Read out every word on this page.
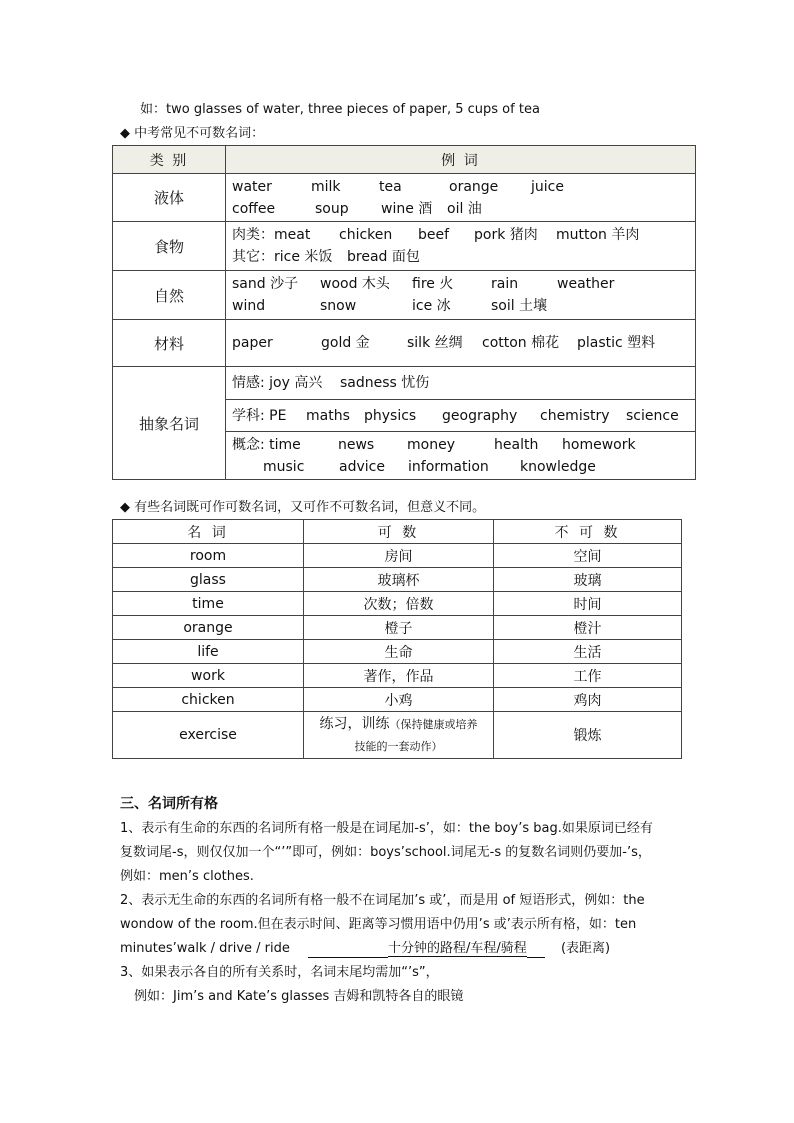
如：two glasses of water, three pieces of paper, 5 cups of tea
◆ 中考常见不可数名词：
类 别	例 词
液体	water milk tea orange juice
coffee soup wine 酒 oil 油

食物	肉类：meat chicken beef pork 猪肉 mutton 羊肉
其它：rice 米饭 bread 面包

自然	sand 沙子 wood 木头 fire 火 rain weather
wind snow ice 冰 soil 土壤

材料	paper gold 金 silk 丝绸 cotton 棉花 plastic 塑料

抽象名词	情感: joy 高兴 sadness 忧伤

	学科: PE maths physics geography chemistry science

	概念: time news money health homework
music advice information knowledge
◆ 有些名词既可作可数名词，又可作不可数名词，但意义不同。
名 词	可 数	不 可 数
room	房间	空间
glass	玻璃杯	玻璃
time	次数；倍数	时间
orange	橙子	橙汁
life	生命	生活
work	著作，作品	工作
chicken	小鸡	鸡肉
exercise	练习，训练（保持健康或培养
技能的一套动作）	锻炼
三、名词所有格
1、表示有生命的东西的名词所有格一般是在词尾加-s’，如：the boy’s bag.如果原词已经有
复数词尾-s，则仅仅加一个“’”即可，例如：boys’school.词尾无-s 的复数名词则仍要加-’s，
例如：men’s clothes.
2、表示无生命的东西的名词所有格一般不在词尾加’s 或’，而是用 of 短语形式，例如：the
wondow of the room.但在表示时间、距离等习惯用语中仍用’s 或’表示所有格，如：ten
minutes’walk / drive / ride	十分钟的路程/车程/骑程	(表距离)
3、如果表示各自的所有关系时，名词末尾均需加“’s”，
例如：Jim’s and Kate’s glasses 吉姆和凯特各自的眼镜
